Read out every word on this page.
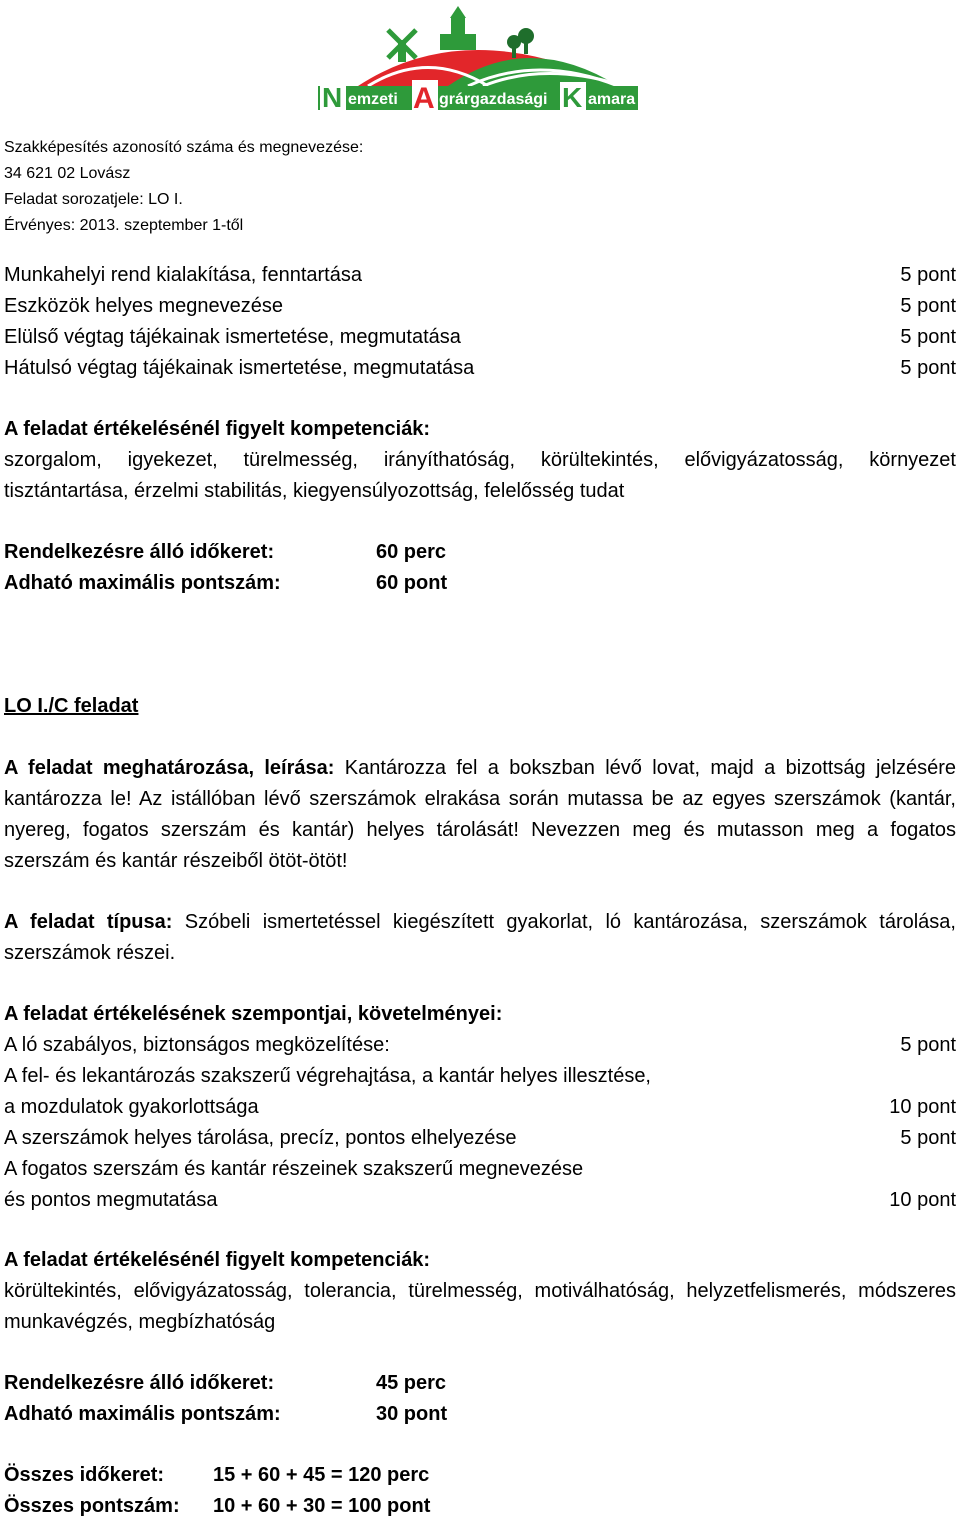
N emzeti A grárgazdasági K amara
Szakképesítés azonosító száma és megnevezése:
34 621 02 Lovász
Feladat sorozatjele: LO I.
Érvényes: 2013. szeptember 1-től
Munkahelyi rend kialakítása, fenntartása	5 pont
Eszközök helyes megnevezése	5 pont
Elülső végtag tájékainak ismertetése, megmutatása	5 pont
Hátulsó végtag tájékainak ismertetése, megmutatása	5 pont
A feladat értékelésénél figyelt kompetenciák:
szorgalom, igyekezet, türelmesség, irányíthatóság, körültekintés, elővigyázatosság, környezet tisztántartása, érzelmi stabilitás, kiegyensúlyozottság, felelősség tudat
Rendelkezésre álló időkeret:	60 perc
Adható maximális pontszám:	60 pont
LO I./C feladat
A feladat meghatározása, leírása: Kantározza fel a bokszban lévő lovat, majd a bizottság jelzésére kantározza le! Az istállóban lévő szerszámok elrakása során mutassa be az egyes szerszámok (kantár, nyereg, fogatos szerszám és kantár) helyes tárolását! Nevezzen meg és mutasson meg a fogatos szerszám és kantár részeiből ötöt-ötöt!
A feladat típusa: Szóbeli ismertetéssel kiegészített gyakorlat, ló kantározása, szerszámok tárolása, szerszámok részei.
A feladat értékelésének szempontjai, követelményei:
A ló szabályos, biztonságos megközelítése:	5 pont
A fel- és lekantározás szakszerű végrehajtása, a kantár helyes illesztése,
a mozdulatok gyakorlottsága	10 pont
A szerszámok helyes tárolása, precíz, pontos elhelyezése	5 pont
A fogatos szerszám és kantár részeinek szakszerű megnevezése
és pontos megmutatása	10 pont
A feladat értékelésénél figyelt kompetenciák:
körültekintés, elővigyázatosság, tolerancia, türelmesség, motiválhatóság, helyzetfelismerés, módszeres munkavégzés, megbízhatóság
Rendelkezésre álló időkeret:	45 perc
Adható maximális pontszám:	30 pont
Összes időkeret:	15 + 60 + 45 = 120 perc
Összes pontszám:	10 + 60 + 30 = 100 pont
